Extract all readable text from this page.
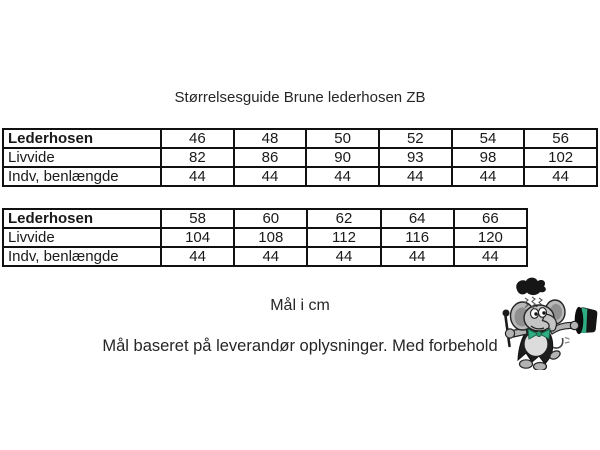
Størrelsesguide Brune lederhosen ZB
Lederhosen	46	48	50	52	54	56
Livvide	82	86	90	93	98	102
Indv, benlængde	44	44	44	44	44	44
Lederhosen	58	60	62	64	66
Livvide	104	108	112	116	120
Indv, benlængde	44	44	44	44	44
Mål i cm
Mål baseret på leverandør oplysninger. Med forbehold
